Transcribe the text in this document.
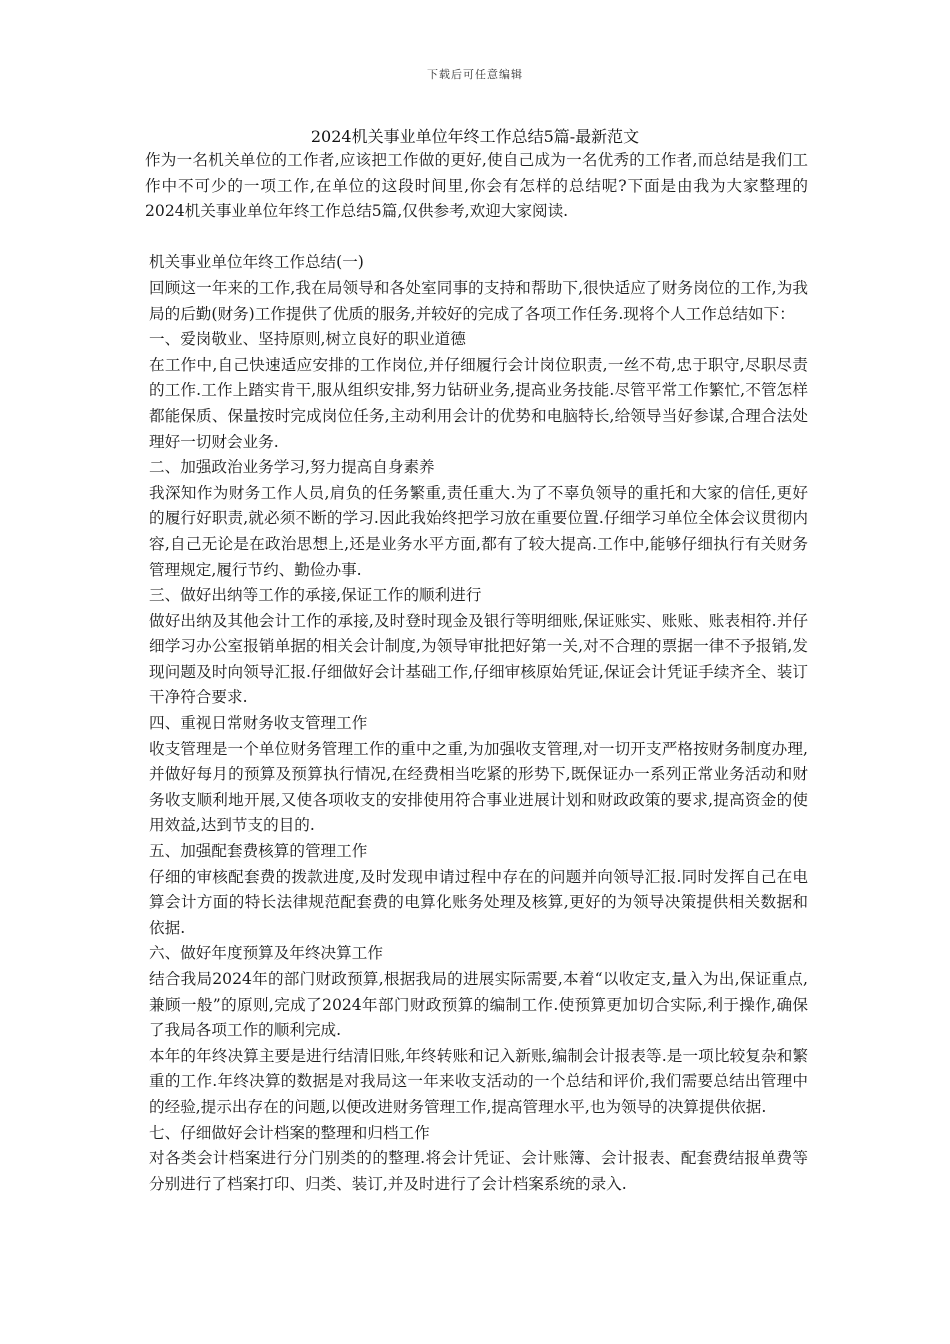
下载后可任意编辑
2024机关事业单位年终工作总结5篇-最新范文

作为一名机关单位的工作者,应该把工作做的更好,使自己成为一名优秀的工作者,而总结是我们工作中不可少的一项工作,在单位的这段时间里,你会有怎样的总结呢?下面是由我为大家整理的2024机关事业单位年终工作总结5篇,仅供参考,欢迎大家阅读.

机关事业单位年终工作总结(一)

回顾这一年来的工作,我在局领导和各处室同事的支持和帮助下,很快适应了财务岗位的工作,为我局的后勤(财务)工作提供了优质的服务,并较好的完成了各项工作任务.现将个人工作总结如下：

一、爱岗敬业、坚持原则,树立良好的职业道德

在工作中,自己快速适应安排的工作岗位,并仔细履行会计岗位职责,一丝不苟,忠于职守,尽职尽责的工作.工作上踏实肯干,服从组织安排,努力钻研业务,提高业务技能.尽管平常工作繁忙,不管怎样都能保质、保量按时完成岗位任务,主动利用会计的优势和电脑特长,给领导当好参谋,合理合法处理好一切财会业务.

二、加强政治业务学习,努力提高自身素养

我深知作为财务工作人员,肩负的任务繁重,责任重大.为了不辜负领导的重托和大家的信任,更好的履行好职责,就必须不断的学习.因此我始终把学习放在重要位置.仔细学习单位全体会议贯彻内容,自己无论是在政治思想上,还是业务水平方面,都有了较大提高.工作中,能够仔细执行有关财务管理规定,履行节约、勤俭办事.

三、做好出纳等工作的承接,保证工作的顺利进行

做好出纳及其他会计工作的承接,及时登时现金及银行等明细账,保证账实、账账、账表相符.并仔细学习办公室报销单据的相关会计制度,为领导审批把好第一关,对不合理的票据一律不予报销,发现问题及时向领导汇报.仔细做好会计基础工作,仔细审核原始凭证,保证会计凭证手续齐全、装订干净符合要求.

四、重视日常财务收支管理工作

收支管理是一个单位财务管理工作的重中之重,为加强收支管理,对一切开支严格按财务制度办理,并做好每月的预算及预算执行情况,在经费相当吃紧的形势下,既保证办一系列正常业务活动和财务收支顺利地开展,又使各项收支的安排使用符合事业进展计划和财政政策的要求,提高资金的使用效益,达到节支的目的.

五、加强配套费核算的管理工作

仔细的审核配套费的拨款进度,及时发现申请过程中存在的问题并向领导汇报.同时发挥自己在电算会计方面的特长法律规范配套费的电算化账务处理及核算,更好的为领导决策提供相关数据和依据.

六、做好年度预算及年终决算工作

结合我局2024年的部门财政预算,根据我局的进展实际需要,本着“以收定支,量入为出,保证重点,兼顾一般”的原则,完成了2024年部门财政预算的编制工作.使预算更加切合实际,利于操作,确保了我局各项工作的顺利完成.

本年的年终决算主要是进行结清旧账,年终转账和记入新账,编制会计报表等.是一项比较复杂和繁重的工作.年终决算的数据是对我局这一年来收支活动的一个总结和评价,我们需要总结出管理中的经验,提示出存在的问题,以便改进财务管理工作,提高管理水平,也为领导的决算提供依据.

七、仔细做好会计档案的整理和归档工作

对各类会计档案进行分门别类的的整理.将会计凭证、会计账簿、会计报表、配套费结报单费等分别进行了档案打印、归类、装订,并及时进行了会计档案系统的录入.
